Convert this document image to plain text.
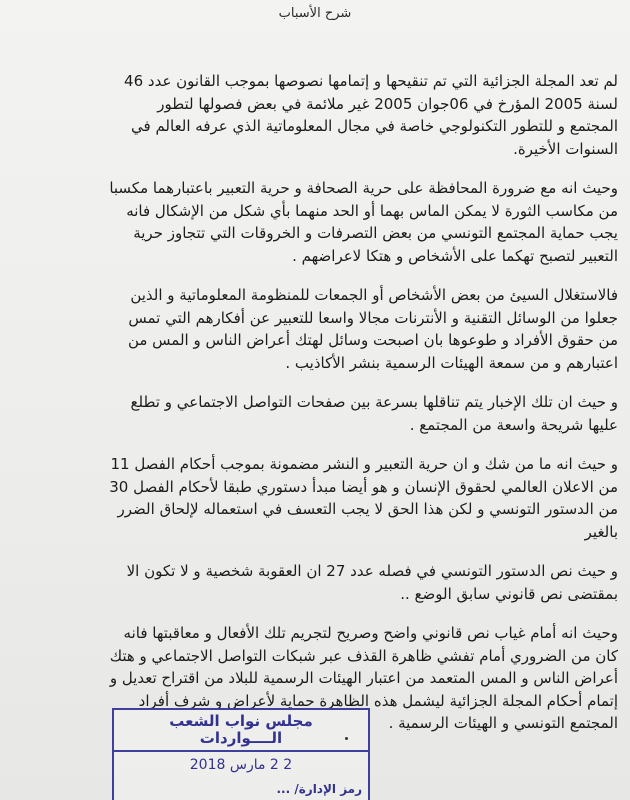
شرح الأسباب

لم تعد المجلة الجزائية التي تم تنقيحها و إتمامها نصوصها بموجب القانون عدد 46 لسنة 2005 المؤرخ في 06جوان 2005 غير ملائمة في بعض فصولها لتطور المجتمع و للتطور التكنولوجي خاصة في مجال المعلوماتية الذي عرفه العالم في السنوات الأخيرة.

وحيث انه مع ضرورة المحافظة على حرية الصحافة و حرية التعبير باعتبارهما مكسبا من مكاسب الثورة لا يمكن الماس بهما أو الحد منهما بأي شكل من الإشكال فانه يجب حماية المجتمع التونسي من بعض التصرفات و الخروقات التي تتجاوز حرية التعبير لتصبح تهكما على الأشخاص و هتكا لاعراضهم .

فالاستغلال السيئ من بعض الأشخاص أو الجمعات للمنظومة المعلوماتية و الذين جعلوا من الوسائل التقنية و الأنترنات مجالا واسعا للتعبير عن أفكارهم التي تمس من حقوق الأفراد و طوعوها بان اصبحت وسائل لهتك أعراض الناس و المس من اعتبارهم و من سمعة الهيئات الرسمية بنشر الأكاذيب .

و حيث ان تلك الإخبار يتم تناقلها بسرعة بين صفحات التواصل الاجتماعي و تطلع عليها شريحة واسعة من المجتمع .

و حيث انه ما من شك و ان حرية التعبير و النشر مضمونة بموجب أحكام الفصل 11 من الاعلان العالمي لحقوق الإنسان و هو أيضا مبدأ دستوري طبقا لأحكام الفصل 30 من الدستور التونسي و لكن هذا الحق لا يجب التعسف في استعماله لإلحاق الضرر بالغير

و حيث نص الدستور التونسي في فصله عدد 27 ان العقوبة شخصية و لا تكون الا بمقتضى نص قانوني سابق الوضع ..

وحيث انه أمام غياب نص قانوني واضح وصريح لتجريم تلك الأفعال و معاقبتها فانه كان من الضروري أمام تفشي ظاهرة القذف عبر شبكات التواصل الاجتماعي و هتك أعراض الناس و المس المتعمد من اعتبار الهيئات الرسمية للبلاد من اقتراح تعديل و إتمام أحكام المجلة الجزائية ليشمل هذه الظاهرة حماية لأعراض و شرف أفراد المجتمع التونسي و الهيئات الرسمية .

مجلس نواب الشعب
الــــواردات
2 2 مارس 2018
رمز الإدارة/ ...
